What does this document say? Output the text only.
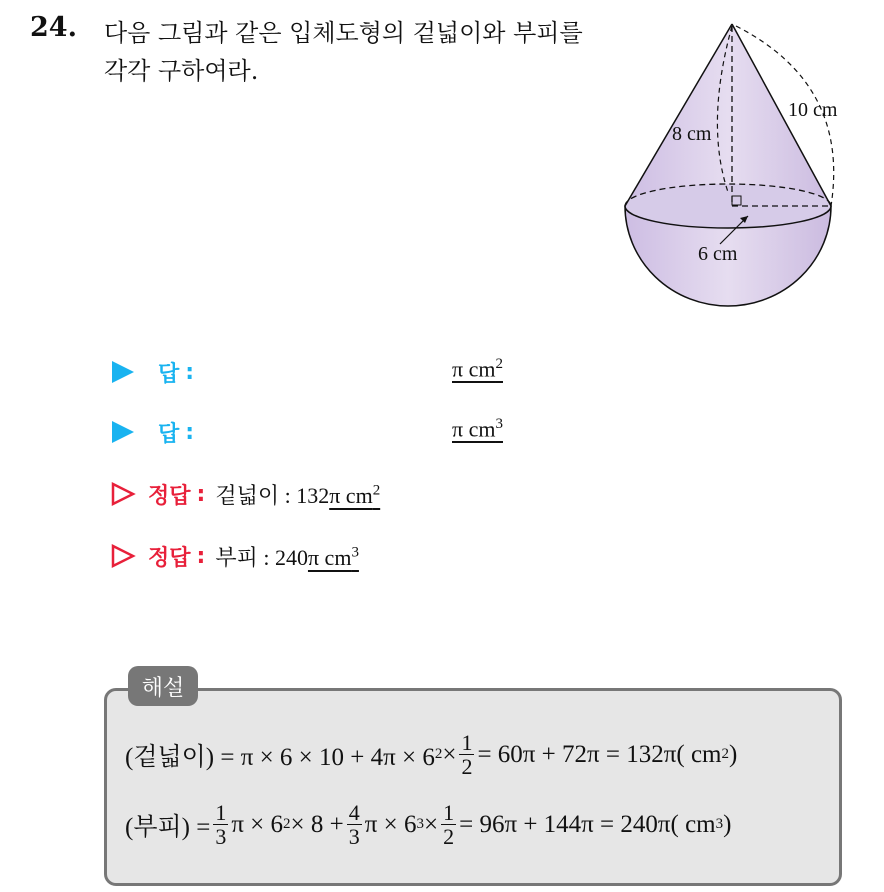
24. 다음 그림과 같은 입체도형의 겉넓이와 부피를 각각 구하여라.
10 cm
8 cm
6 cm
답 :	π $cm^2$
답 :	π $cm^3$
정답 : 겉넓이 : 132π $cm^2$
정답 : 부피 : 240π $cm^3$
(겉넓이) = π × 6 × 10 + 4π × 6 $2 \times \frac{1}{2} = 60\pi + 72\pi = 132\pi$( cm 2 )
(부피) = $\frac{1}{3}$ π × 6 $2 \times 8 + \frac{4}{3}$ π × 6 $3 \times \frac{1}{2} = 96\pi + 144\pi = 240\pi$( cm 3 )
해설
